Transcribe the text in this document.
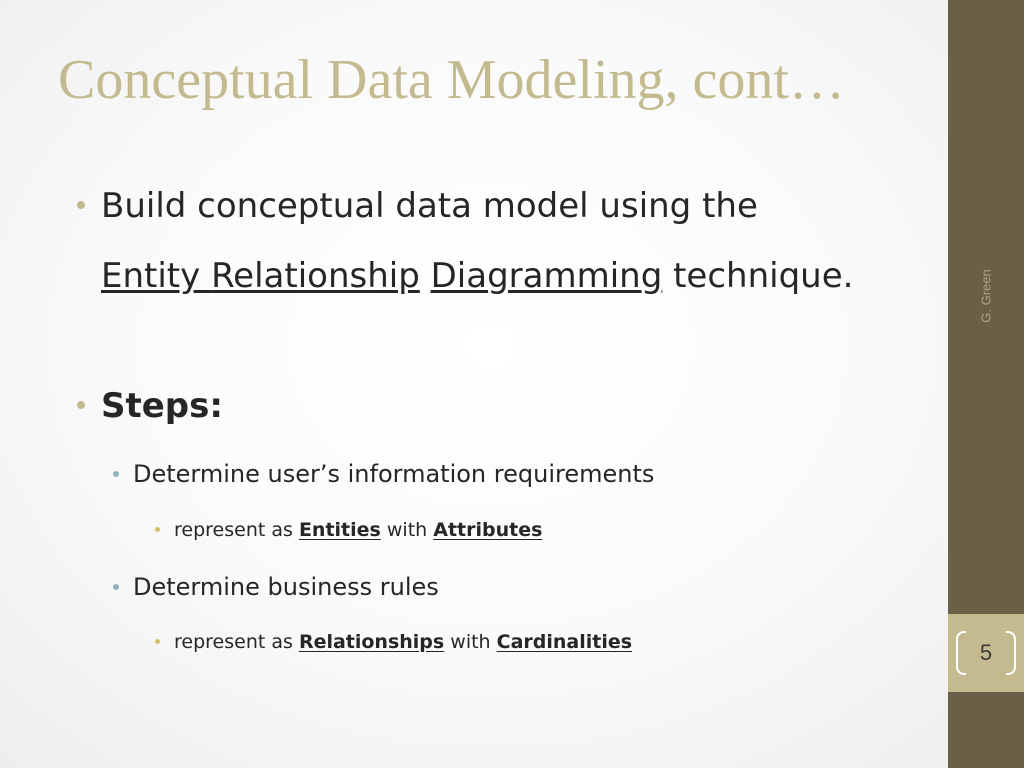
Conceptual Data Modeling, cont…
Build conceptual data model using the
Entity Relationship Diagramming technique.
Steps:
Determine user’s information requirements
represent as Entities with Attributes
Determine business rules
represent as Relationships with Cardinalities
G. Green
5
